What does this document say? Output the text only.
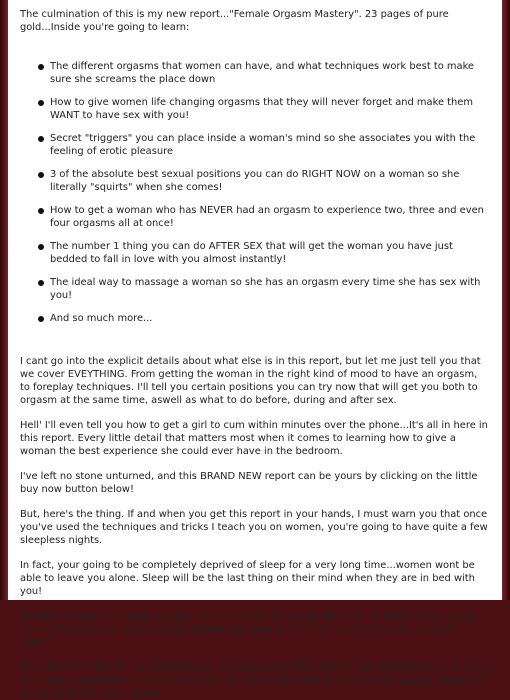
The culmination of this is my new report..."Female Orgasm Mastery". 23 pages of pure gold...Inside you're going to learn:

The different orgasms that women can have, and what techniques work best to make sure she screams the place down
How to give women life changing orgasms that they will never forget and make them WANT to have sex with you!
Secret "triggers" you can place inside a woman's mind so she associates you with the feeling of erotic pleasure
3 of the absolute best sexual positions you can do RIGHT NOW on a woman so she literally "squirts" when she comes!
How to get a woman who has NEVER had an orgasm to experience two, three and even four orgasms all at once!
The number 1 thing you can do AFTER SEX that will get the woman you have just bedded to fall in love with you almost instantly!
The ideal way to massage a woman so she has an orgasm every time she has sex with you!
And so much more...

I cant go into the explicit details about what else is in this report, but let me just tell you that we cover EVEYTHING. From getting the woman in the right kind of mood to have an orgasm, to foreplay techniques. I'll tell you certain positions you can try now that will get you both to orgasm at the same time, aswell as what to do before, during and after sex.

Hell' I'll even tell you how to get a girl to cum within minutes over the phone...It's all in here in this report. Every little detail that matters most when it comes to learning how to give a woman the best experience she could ever have in the bedroom.

I've left no stone unturned, and this BRAND NEW report can be yours by clicking on the little buy now button below!

But, here's the thing. If and when you get this report in your hands, I must warn you that once you've used the techniques and tricks I teach you on women, you're going to have quite a few sleepless nights.

In fact, your going to be completely deprived of sleep for a very long time...women wont be able to leave you alone. Sleep will be the last thing on their mind when they are in bed with you!

Another thing I must warn you about is that if you are easily offended by what i have to say about the other sex, or if you are offended by rude words, then please DO NOT buy this report.

So, with that said, it's now down to you. Do you want to be part of a small group of ELITE guys who really know how to please a woman. Do you really want to be a female orgasm master? If so, go grab this report today.
